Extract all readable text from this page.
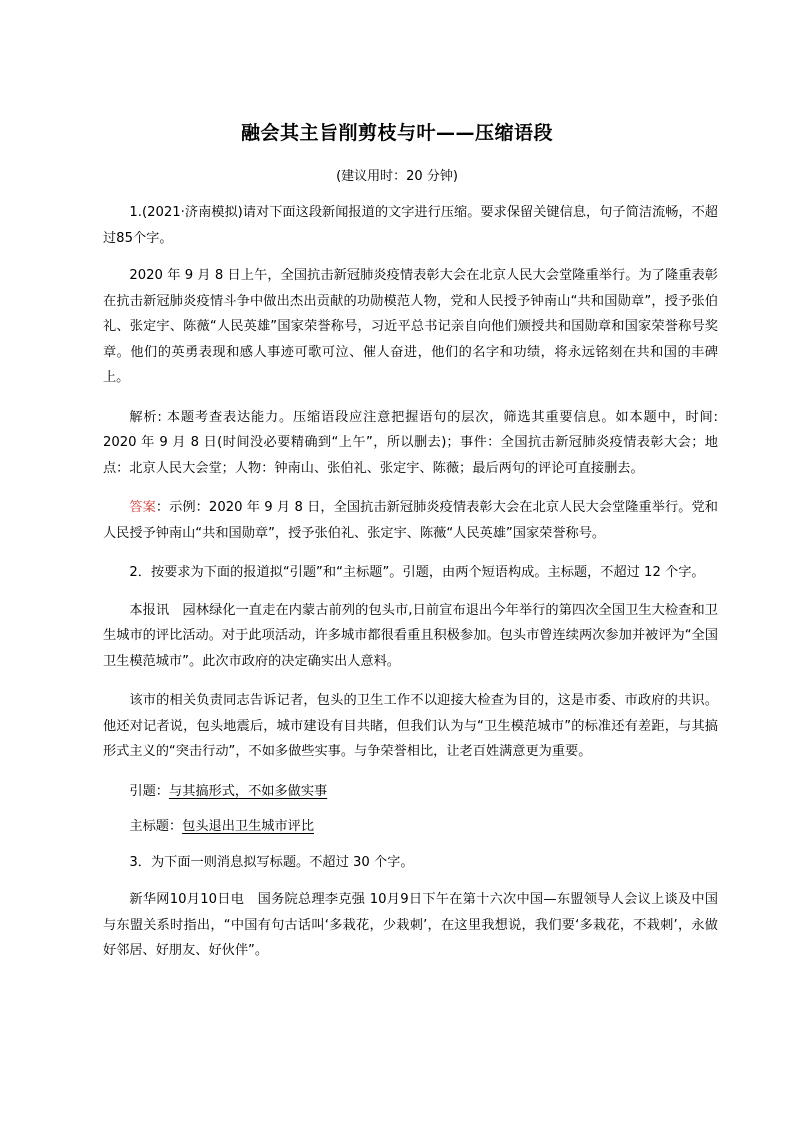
融会其主旨削剪枝与叶——压缩语段
(建议用时：20 分钟)

1.(2021·济南模拟)请对下面这段新闻报道的文字进行压缩。要求保留关键信息，句子简洁流畅，不超过85个字。

2020 年 9 月 8 日上午，全国抗击新冠肺炎疫情表彰大会在北京人民大会堂隆重举行。为了隆重表彰在抗击新冠肺炎疫情斗争中做出杰出贡献的功勋模范人物，党和人民授予钟南山“共和国勋章”，授予张伯礼、张定宇、陈薇“人民英雄”国家荣誉称号，习近平总书记亲自向他们颁授共和国勋章和国家荣誉称号奖章。他们的英勇表现和感人事迹可歌可泣、催人奋进，他们的名字和功绩，将永远铭刻在共和国的丰碑上。

解析: 本题考查表达能力。压缩语段应注意把握语句的层次，筛选其重要信息。如本题中，时间: 2020 年 9 月 8 日(时间没必要精确到“上午”，所以删去)；事件：全国抗击新冠肺炎疫情表彰大会；地点：北京人民大会堂；人物：钟南山、张伯礼、张定宇、陈薇；最后两句的评论可直接删去。

答案：示例：2020 年 9 月 8 日，全国抗击新冠肺炎疫情表彰大会在北京人民大会堂隆重举行。党和人民授予钟南山“共和国勋章”，授予张伯礼、张定宇、陈薇“人民英雄”国家荣誉称号。

2．按要求为下面的报道拟“引题”和“主标题”。引题，由两个短语构成。主标题，不超过 12 个字。

本报讯　园林绿化一直走在内蒙古前列的包头市,日前宣布退出今年举行的第四次全国卫生大检查和卫生城市的评比活动。对于此项活动，许多城市都很看重且积极参加。包头市曾连续两次参加并被评为“全国卫生模范城市”。此次市政府的决定确实出人意料。

该市的相关负责同志告诉记者，包头的卫生工作不以迎接大检查为目的，这是市委、市政府的共识。他还对记者说，包头地震后，城市建设有目共睹，但我们认为与“卫生模范城市”的标准还有差距，与其搞形式主义的“突击行动”，不如多做些实事。与争荣誉相比，让老百姓满意更为重要。

引题：与其搞形式，不如多做实事

主标题：包头退出卫生城市评比

3．为下面一则消息拟写标题。不超过 30 个字。

新华网10月10日电　国务院总理李克强 10月9日下午在第十六次中国—东盟领导人会议上谈及中国与东盟关系时指出，“中国有句古话叫‘多栽花，少栽刺’，在这里我想说，我们要‘多栽花，不栽刺’，永做好邻居、好朋友、好伙伴”。
